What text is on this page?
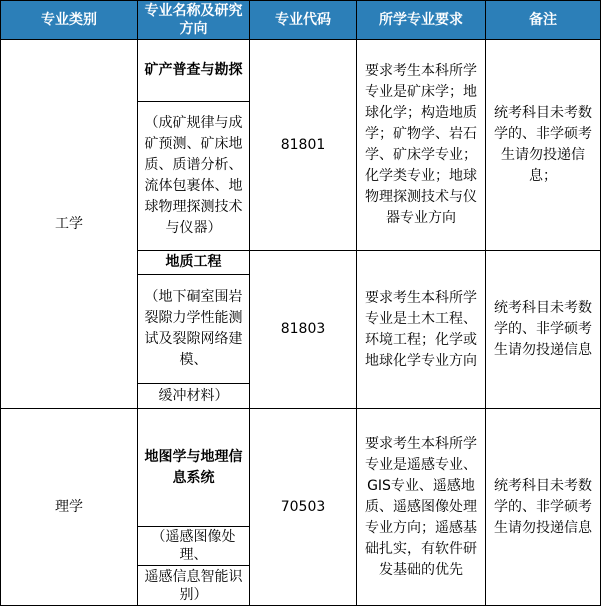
专业类别
专业名称及研究方向
专业代码	所学专业要求	备注
工学
矿产普查与勘探
（成矿规律与成矿预测、矿床地质、质谱分析、流体包裹体、地球物理探测技术与仪器）
81801
要求考生本科所学专业是矿床学；地球化学；构造地质学；矿物学、岩石学、矿床学专业；化学类专业；地球物理探测技术与仪器专业方向
统考科目未考数学的、非学硕考生请勿投递信息；
地质工程
（地下硐室围岩裂隙力学性能测试及裂隙网络建模、
缓冲材料）
81803
要求考生本科所学专业是土木工程、环境工程；化学或地球化学专业方向
统考科目未考数学的、非学硕考生请勿投递信息
理学
地图学与地理信息系统
（遥感图像处理、
遥感信息智能识别）
70503
要求考生本科所学专业是遥感专业、GIS专业、遥感地质、遥感图像处理专业方向；遥感基础扎实，有软件研发基础的优先
统考科目未考数学的、非学硕考生请勿投递信息
